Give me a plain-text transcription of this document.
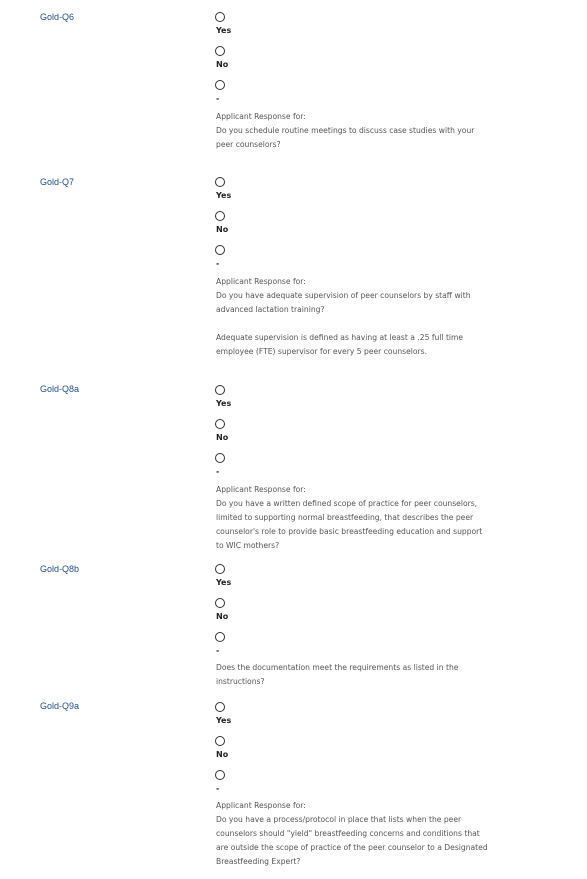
Gold-Q6
Yes
No
-
Applicant Response for:
Do you schedule routine meetings to discuss case studies with your
peer counselors?
Gold-Q7
Yes
No
-
Applicant Response for:
Do you have adequate supervision of peer counselors by staff with
advanced lactation training?
Adequate supervision is defined as having at least a .25 full time
employee (FTE) supervisor for every 5 peer counselors.
Gold-Q8a
Yes
No
-
Applicant Response for:
Do you have a written defined scope of practice for peer counselors,
limited to supporting normal breastfeeding, that describes the peer
counselor's role to provide basic breastfeeding education and support
to WIC mothers?
Gold-Q8b
Yes
No
-
Does the documentation meet the requirements as listed in the
instructions?
Gold-Q9a
Yes
No
-
Applicant Response for:
Do you have a process/protocol in place that lists when the peer
counselors should "yield" breastfeeding concerns and conditions that
are outside the scope of practice of the peer counselor to a Designated
Breastfeeding Expert?
